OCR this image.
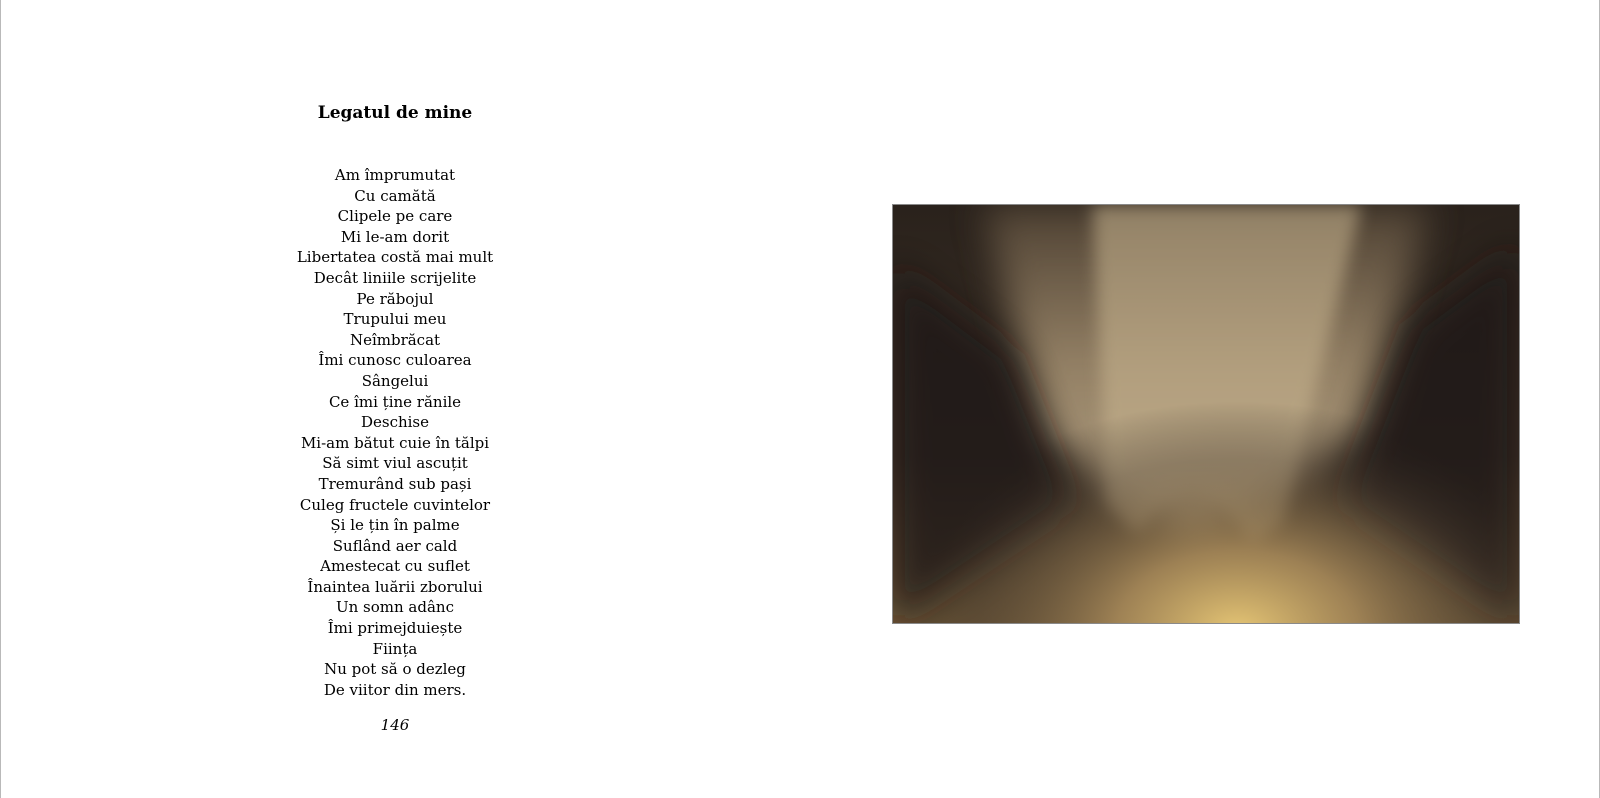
Legatul de mine
Am împrumutat
Cu camătă
Clipele pe care
Mi le-am dorit
Libertatea costă mai mult
Decât liniile scrijelite
Pe răbojul
Trupului meu
Neîmbrăcat
Îmi cunosc culoarea
Sângelui
Ce îmi ține rănile
Deschise
Mi-am bătut cuie în tălpi
Să simt viul ascuțit
Tremurând sub pași
Culeg fructele cuvintelor
Și le țin în palme
Suflând aer cald
Amestecat cu suflet
Înaintea luării zborului
Un somn adânc
Îmi primejduiește
Ființa
Nu pot să o dezleg
De viitor din mers.
146
